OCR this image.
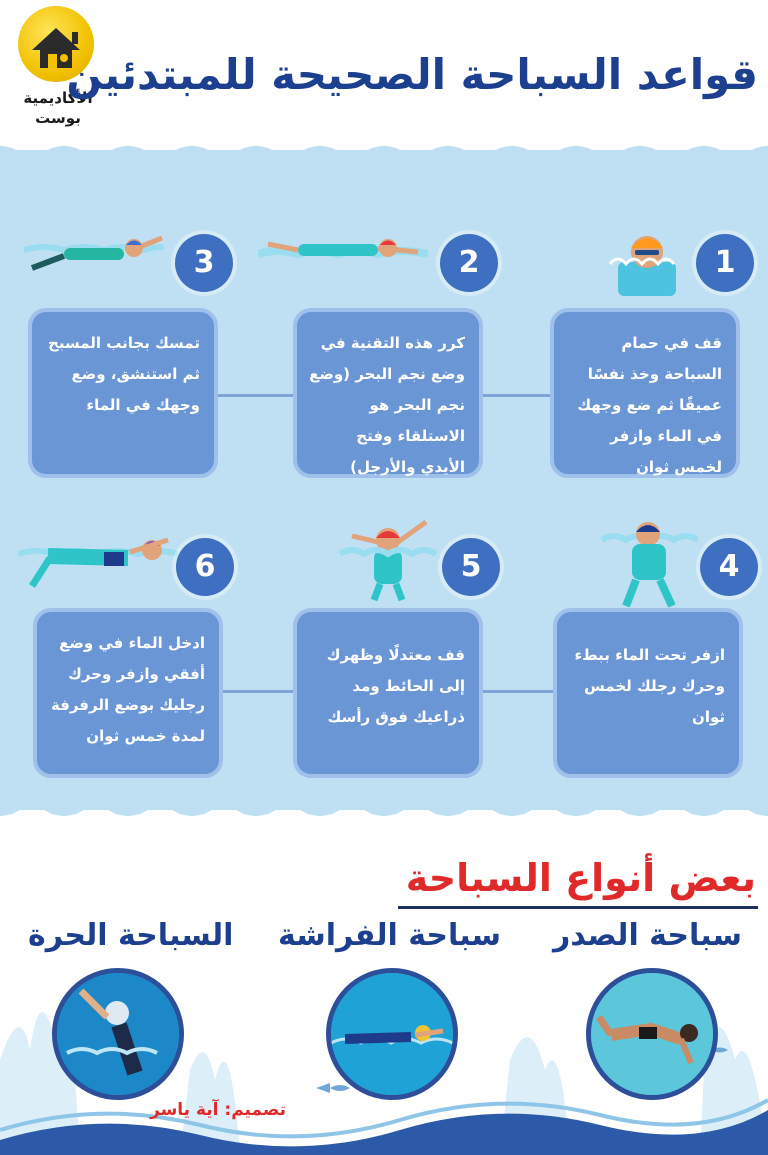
الأكاديمية
بوست
قواعد السباحة الصحيحة للمبتدئين
1
2
3
قف في حمام السباحة وخذ نفسًا عميقًا ثم ضع وجهك في الماء وازفر لخمس ثوان
كرر هذه التقنية في وضع نجم البحر (وضع نجم البحر هو الاستلقاء وفتح الأيدي والأرجل)
تمسك بجانب المسبح ثم استنشق، وضع وجهك في الماء
4
5
6
ازفر تحت الماء ببطء وحرك رجلك لخمس ثوان
قف معتدلًا وظهرك إلى الحائط ومد ذراعيك فوق رأسك
ادخل الماء في وضع أفقي وازفر وحرك رجليك بوضع الرفرفة لمدة خمس ثوان
بعض أنواع السباحة
سباحة الصدر
سباحة الفراشة
السباحة الحرة
تصميم: آية ياسر
